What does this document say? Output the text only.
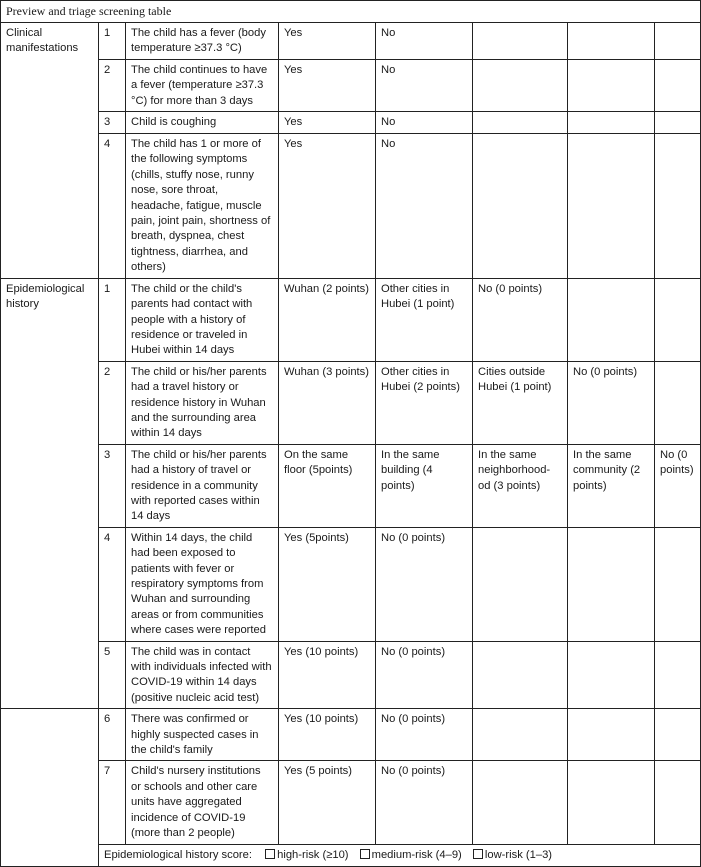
Preview and triage screening table							
Clinical manifestations	1	The child has a fever (body temperature ≥37.3 °C)	Yes	No			
	2	The child continues to have a fever (temperature ≥37.3 °C) for more than 3 days	Yes	No			
	3	Child is coughing	Yes	No			
	4	The child has 1 or more of the following symptoms (chills, stuffy nose, runny nose, sore throat, headache, fatigue, muscle pain, joint pain, shortness of breath, dyspnea, chest tightness, diarrhea, and others)	Yes	No			
Epidemiological history	1	The child or the child's parents had contact with people with a history of residence or traveled in Hubei within 14 days	Wuhan (2 points)	Other cities in Hubei (1 point)	No (0 points)		
	2	The child or his/her parents had a travel history or residence history in Wuhan and the surrounding area within 14 days	Wuhan (3 points)	Other cities in Hubei (2 points)	Cities outside Hubei (1 point)	No (0 points)	
	3	The child or his/her parents had a history of travel or residence in a community with reported cases within 14 days	On the same floor (5points)	In the same building (4 points)	In the same neighborhood-od (3 points)	In the same community (2 points)	No (0 points)
	4	Within 14 days, the child had been exposed to patients with fever or respiratory symptoms from Wuhan and surrounding areas or from communities where cases were reported	Yes (5points)	No (0 points)			
	5	The child was in contact with individuals infected with COVID-19 within 14 days (positive nucleic acid test)	Yes (10 points)	No (0 points)			
	6	There was confirmed or highly suspected cases in the child's family	Yes (10 points)	No (0 points)			
	7	Child's nursery institutions or schools and other care units have aggregated incidence of COVID-19 (more than 2 people)	Yes (5 points)	No (0 points)			
	Epidemiological history score: high-risk (≥10) medium-risk (4–9) low-risk (1–3)						
